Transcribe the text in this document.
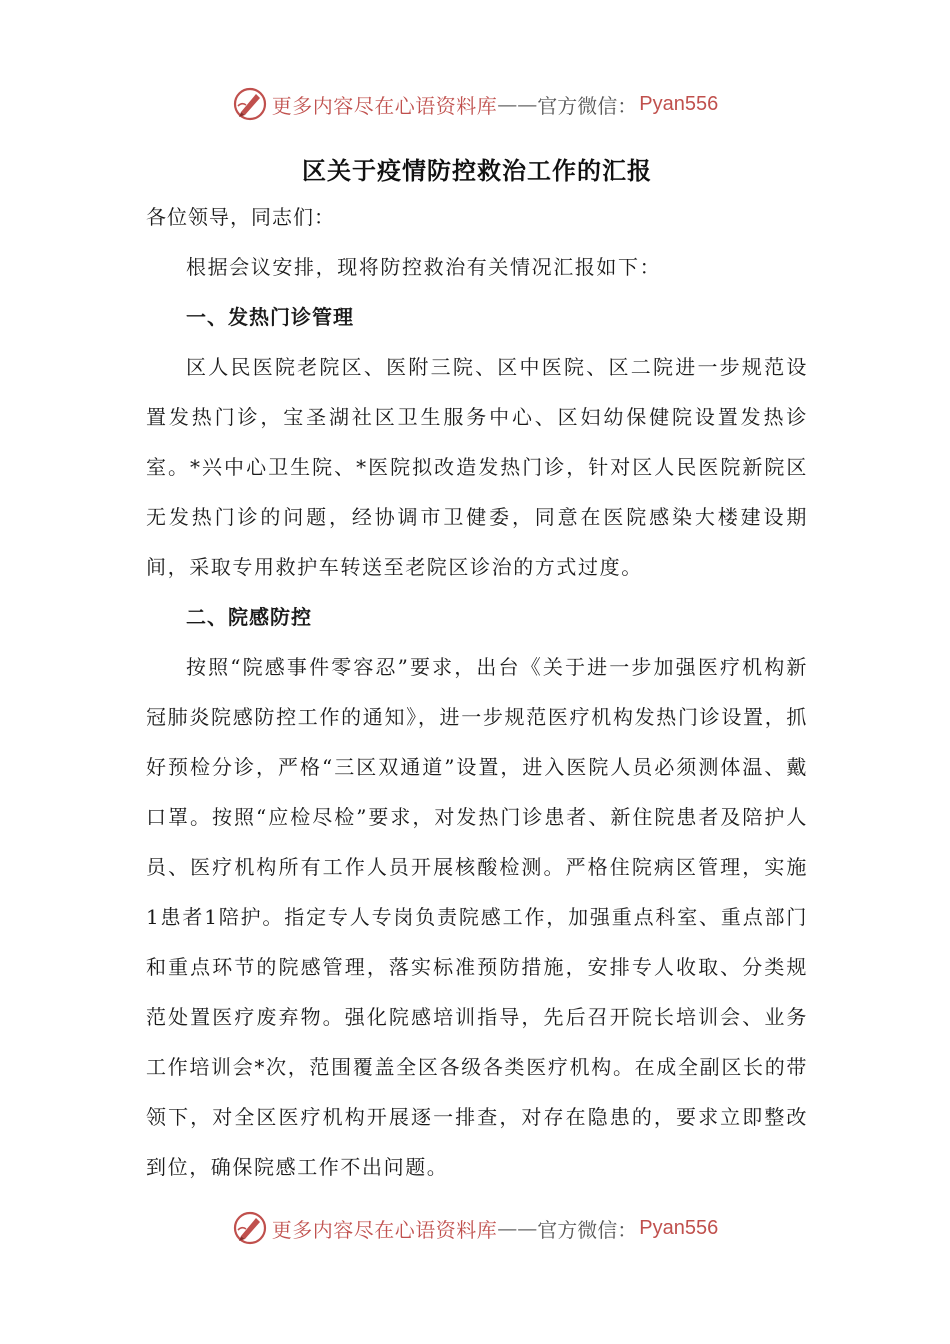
更多内容尽在心语资料库 —— 官方微信： Pyan556
区关于疫情防控救治工作的汇报

各位领导，同志们：

根据会议安排，现将防控救治有关情况汇报如下：

一、发热门诊管理

区人民医院老院区、医附三院、区中医院、区二院进一步规范设置发热门诊，宝圣湖社区卫生服务中心、区妇幼保健院设置发热诊室。*兴中心卫生院、*医院拟改造发热门诊，针对区人民医院新院区无发热门诊的问题，经协调市卫健委，同意在医院感染大楼建设期间，采取专用救护车转送至老院区诊治的方式过度。

二、院感防控

按照“院感事件零容忍”要求，出台《关于进一步加强医疗机构新冠肺炎院感防控工作的通知》，进一步规范医疗机构发热门诊设置，抓好预检分诊，严格“三区双通道”设置，进入医院人员必须测体温、戴口罩。按照“应检尽检”要求，对发热门诊患者、新住院患者及陪护人员、医疗机构所有工作人员开展核酸检测。严格住院病区管理，实施1患者1陪护。指定专人专岗负责院感工作，加强重点科室、重点部门和重点环节的院感管理，落实标准预防措施，安排专人收取、分类规范处置医疗废弃物。强化院感培训指导，先后召开院长培训会、业务工作培训会*次，范围覆盖全区各级各类医疗机构。在成全副区长的带领下，对全区医疗机构开展逐一排查，对存在隐患的，要求立即整改到位，确保院感工作不出问题。

更多内容尽在心语资料库 —— 官方微信： Pyan556
